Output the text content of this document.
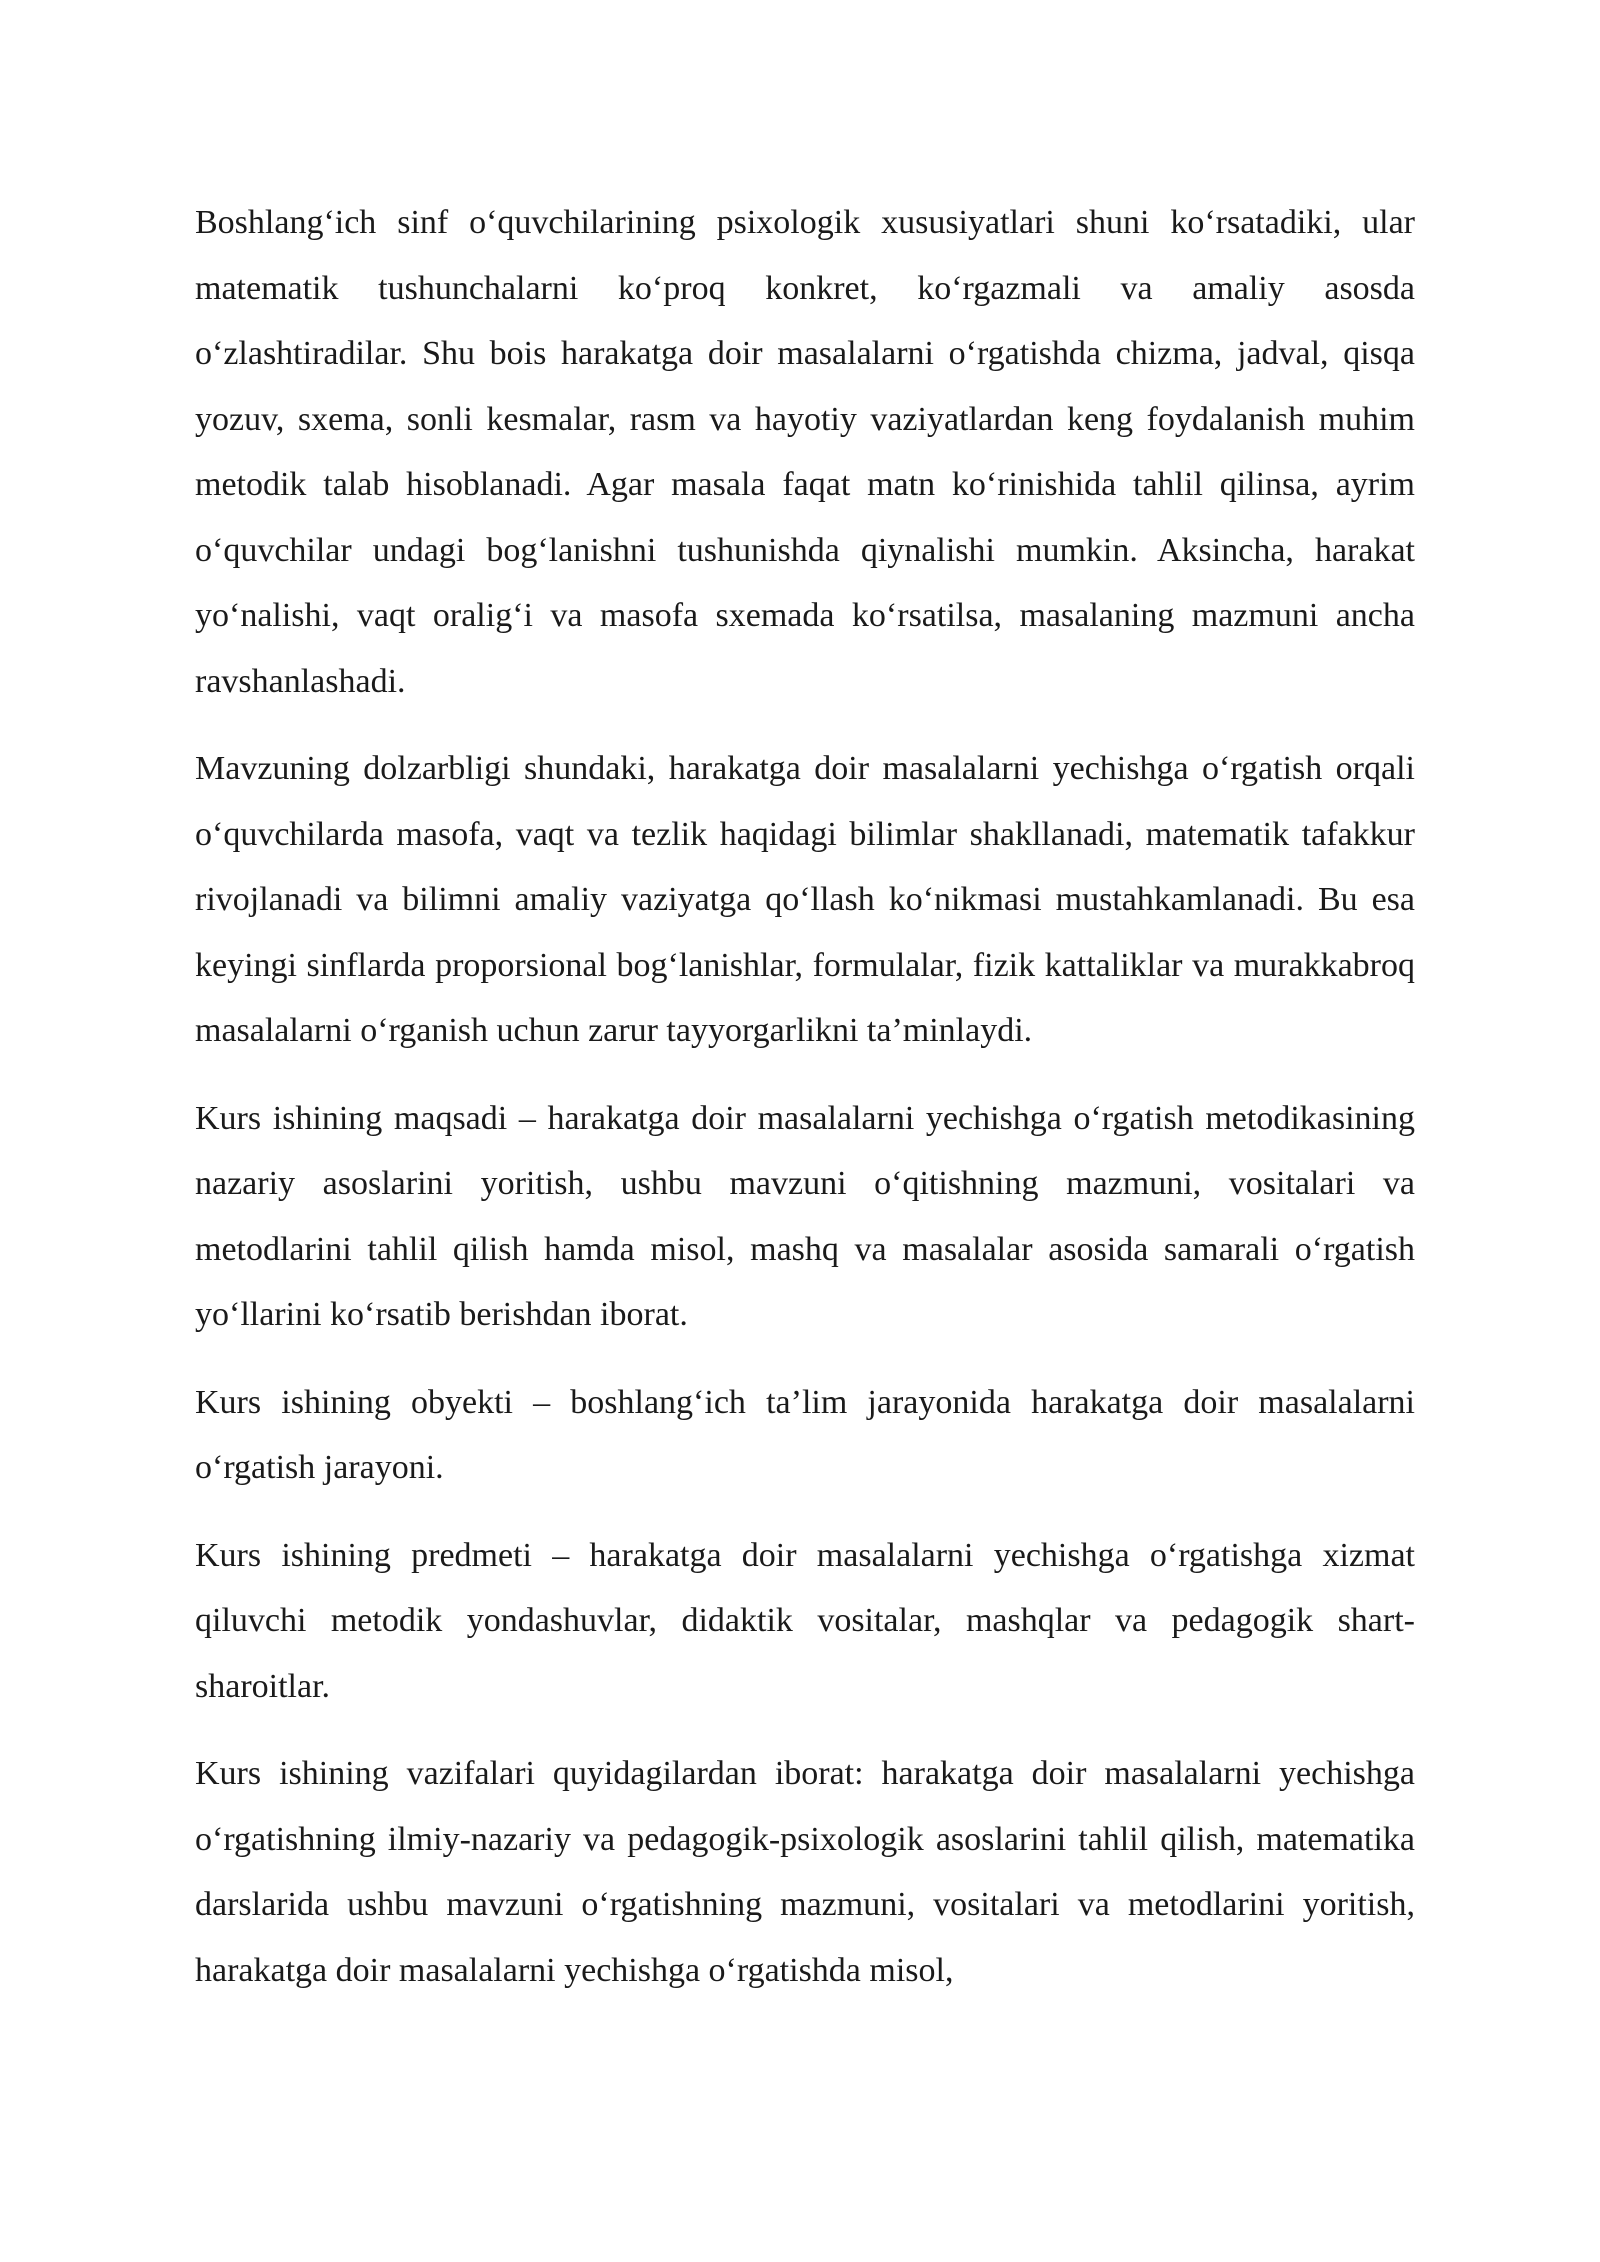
Boshlang‘ich sinf o‘quvchilarining psixologik xususiyatlari shuni ko‘rsatadiki, ular matematik tushunchalarni ko‘proq konkret, ko‘rgazmali va amaliy asosda o‘zlashtiradilar. Shu bois harakatga doir masalalarni o‘rgatishda chizma, jadval, qisqa yozuv, sxema, sonli kesmalar, rasm va hayotiy vaziyatlardan keng foydalanish muhim metodik talab hisoblanadi. Agar masala faqat matn ko‘rinishida tahlil qilinsa, ayrim o‘quvchilar undagi bog‘lanishni tushunishda qiynalishi mumkin. Aksincha, harakat yo‘nalishi, vaqt oralig‘i va masofa sxemada ko‘rsatilsa, masalaning mazmuni ancha ravshanlashadi.

Mavzuning dolzarbligi shundaki, harakatga doir masalalarni yechishga o‘rgatish orqali o‘quvchilarda masofa, vaqt va tezlik haqidagi bilimlar shakllanadi, matematik tafakkur rivojlanadi va bilimni amaliy vaziyatga qo‘llash ko‘nikmasi mustahkamlanadi. Bu esa keyingi sinflarda proporsional bog‘lanishlar, formulalar, fizik kattaliklar va murakkabroq masalalarni o‘rganish uchun zarur tayyorgarlikni ta’minlaydi.

Kurs ishining maqsadi – harakatga doir masalalarni yechishga o‘rgatish metodikasining nazariy asoslarini yoritish, ushbu mavzuni o‘qitishning mazmuni, vositalari va metodlarini tahlil qilish hamda misol, mashq va masalalar asosida samarali o‘rgatish yo‘llarini ko‘rsatib berishdan iborat.

Kurs ishining obyekti – boshlang‘ich ta’lim jarayonida harakatga doir masalalarni o‘rgatish jarayoni.

Kurs ishining predmeti – harakatga doir masalalarni yechishga o‘rgatishga xizmat qiluvchi metodik yondashuvlar, didaktik vositalar, mashqlar va pedagogik shart-sharoitlar.

Kurs ishining vazifalari quyidagilardan iborat: harakatga doir masalalarni yechishga o‘rgatishning ilmiy-nazariy va pedagogik-psixologik asoslarini tahlil qilish, matematika darslarida ushbu mavzuni o‘rgatishning mazmuni, vositalari va metodlarini yoritish, harakatga doir masalalarni yechishga o‘rgatishda misol,
